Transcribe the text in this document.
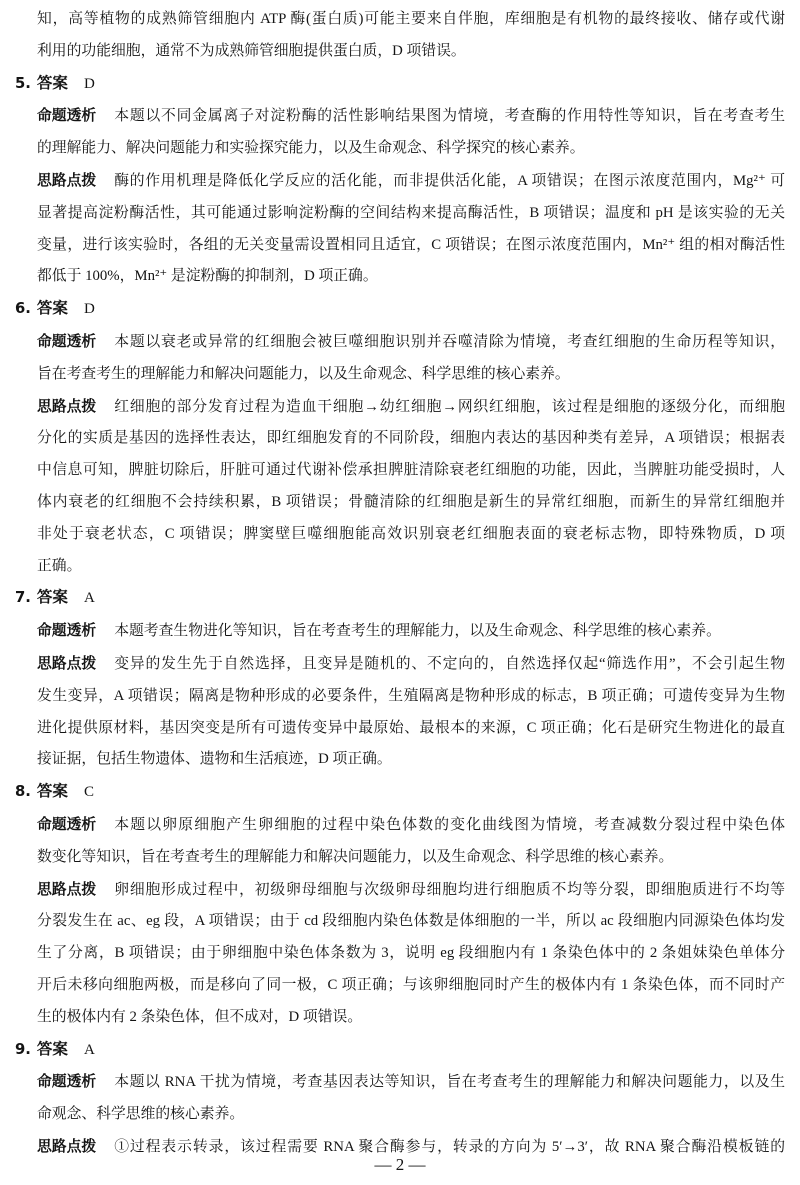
知，高等植物的成熟筛管细胞内 ATP 酶(蛋白质)可能主要来自伴胞，库细胞是有机物的最终接收、储存或代谢
利用的功能细胞，通常不为成熟筛管细胞提供蛋白质，D 项错误。
5. 答案 D
命题透析 本题以不同金属离子对淀粉酶的活性影响结果图为情境，考查酶的作用特性等知识，旨在考查考生
的理解能力、解决问题能力和实验探究能力，以及生命观念、科学探究的核心素养。
思路点拨 酶的作用机理是降低化学反应的活化能，而非提供活化能，A 项错误；在图示浓度范围内，Mg²⁺ 可
显著提高淀粉酶活性，其可能通过影响淀粉酶的空间结构来提高酶活性，B 项错误；温度和 pH 是该实验的无关
变量，进行该实验时，各组的无关变量需设置相同且适宜，C 项错误；在图示浓度范围内，Mn²⁺ 组的相对酶活性
都低于 100%，Mn²⁺ 是淀粉酶的抑制剂，D 项正确。
6. 答案 D
命题透析 本题以衰老或异常的红细胞会被巨噬细胞识别并吞噬清除为情境，考查红细胞的生命历程等知识，
旨在考查考生的理解能力和解决问题能力，以及生命观念、科学思维的核心素养。
思路点拨 红细胞的部分发育过程为造血干细胞→幼红细胞→网织红细胞，该过程是细胞的逐级分化，而细胞
分化的实质是基因的选择性表达，即红细胞发育的不同阶段，细胞内表达的基因种类有差异，A 项错误；根据表
中信息可知，脾脏切除后，肝脏可通过代谢补偿承担脾脏清除衰老红细胞的功能，因此，当脾脏功能受损时，人
体内衰老的红细胞不会持续积累，B 项错误；骨髓清除的红细胞是新生的异常红细胞，而新生的异常红细胞并
非处于衰老状态，C 项错误；脾窦壁巨噬细胞能高效识别衰老红细胞表面的衰老标志物，即特殊物质，D 项
正确。
7. 答案 A
命题透析 本题考查生物进化等知识，旨在考查考生的理解能力，以及生命观念、科学思维的核心素养。
思路点拨 变异的发生先于自然选择，且变异是随机的、不定向的，自然选择仅起“筛选作用”，不会引起生物
发生变异，A 项错误；隔离是物种形成的必要条件，生殖隔离是物种形成的标志，B 项正确；可遗传变异为生物
进化提供原材料，基因突变是所有可遗传变异中最原始、最根本的来源，C 项正确；化石是研究生物进化的最直
接证据，包括生物遗体、遗物和生活痕迹，D 项正确。
8. 答案 C
命题透析 本题以卵原细胞产生卵细胞的过程中染色体数的变化曲线图为情境，考查减数分裂过程中染色体
数变化等知识，旨在考查考生的理解能力和解决问题能力，以及生命观念、科学思维的核心素养。
思路点拨 卵细胞形成过程中，初级卵母细胞与次级卵母细胞均进行细胞质不均等分裂，即细胞质进行不均等
分裂发生在 ac、eg 段，A 项错误；由于 cd 段细胞内染色体数是体细胞的一半，所以 ac 段细胞内同源染色体均发
生了分离，B 项错误；由于卵细胞中染色体条数为 3，说明 eg 段细胞内有 1 条染色体中的 2 条姐妹染色单体分
开后未移向细胞两极，而是移向了同一极，C 项正确；与该卵细胞同时产生的极体内有 1 条染色体，而不同时产
生的极体内有 2 条染色体，但不成对，D 项错误。
9. 答案 A
命题透析 本题以 RNA 干扰为情境，考查基因表达等知识，旨在考查考生的理解能力和解决问题能力，以及生
命观念、科学思维的核心素养。
思路点拨 ①过程表示转录，该过程需要 RNA 聚合酶参与，转录的方向为 5′→3′，故 RNA 聚合酶沿模板链的
— 2 —
